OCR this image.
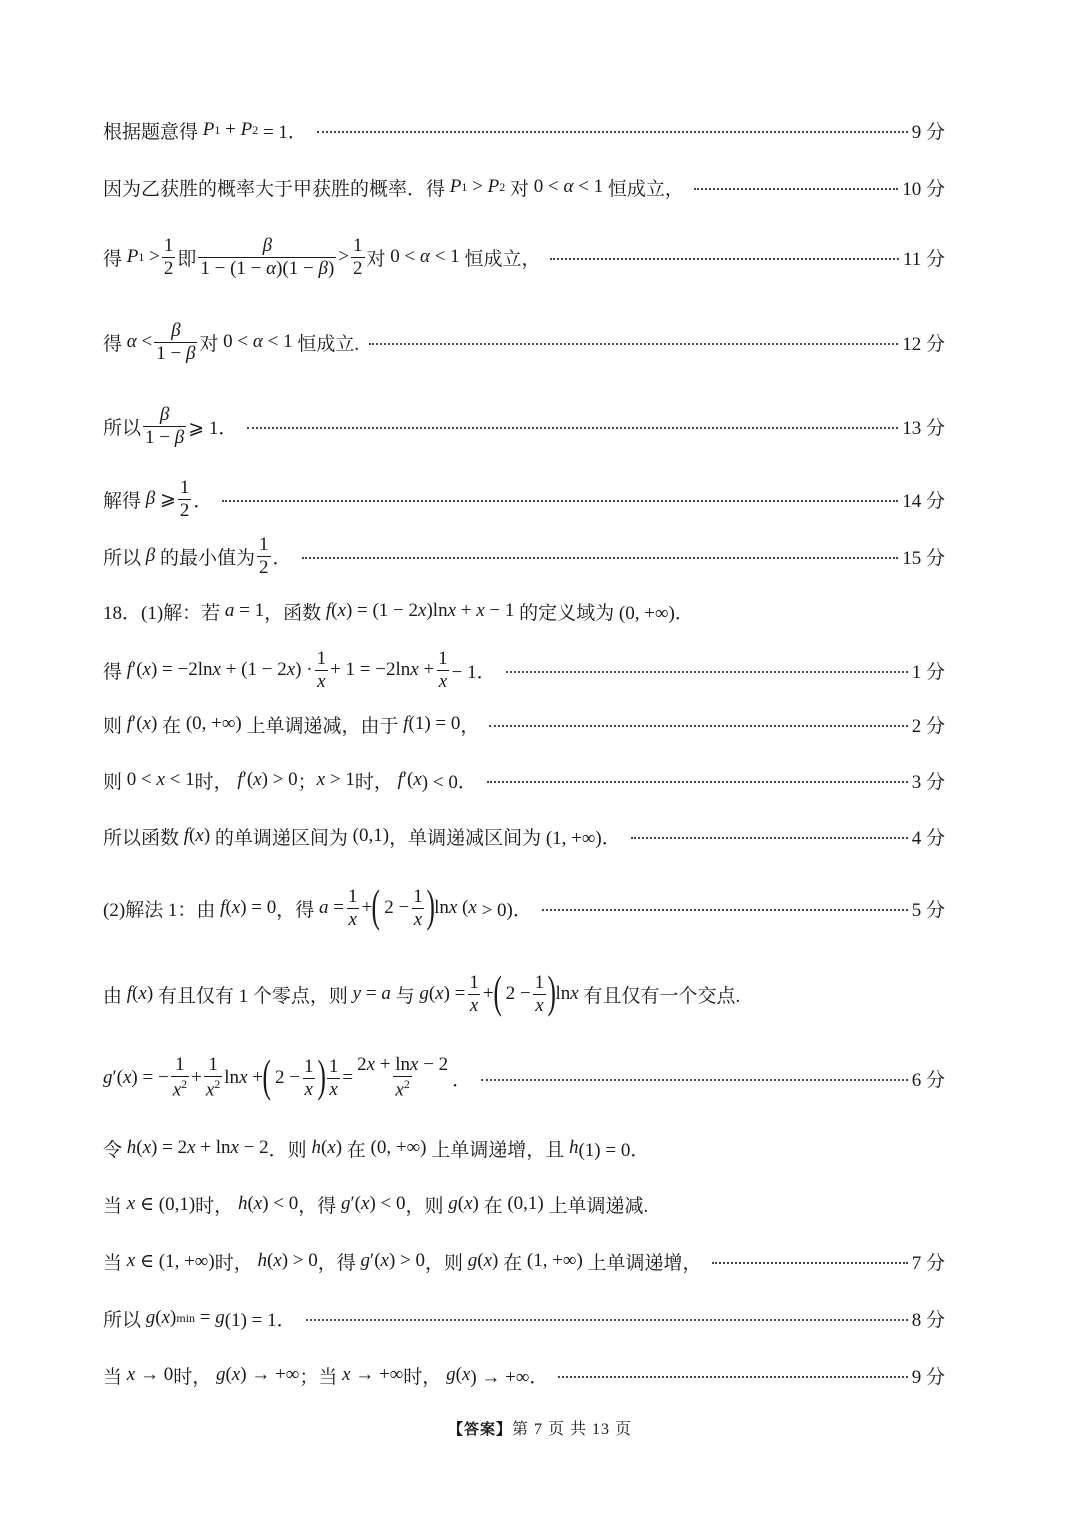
根据题意得 P 1 + P 2 = 1．	9 分
因为乙获胜的概率大于甲获胜的概率．得
P 1 > P 2
对 0 < α < 1 恒成立，	10 分
得
P $1 > \frac{1}{2}$ 即 $\frac{\beta}{1 - (1 - \alpha)(1 - \beta)} > \frac{1}{2}$ 对 0 < α < 1 恒成立，	11 分
得
$\alpha < \frac{\beta}{1 - \beta}$ 对 0 < α < 1 恒成立.	12 分
所以 $\frac{\beta}{1 - \beta}$ ⩾ 1．	13 分
解得
β ⩾ $\frac{1}{2}$ ．	14 分
所以
β
的最小值为 $\frac{1}{2}$ ．	15 分
18．(1)解：若
a = 1 ，函数
f ( x ) = (1 − 2 x )ln x + x − 1 的定义域为 (0, +∞)．
得
f ′( x ) = −2ln x + (1 − 2 x ) · $\frac{1}{x} + 1 = -2\ln$ $x + \frac{1}{x} - 1$．	1 分
则
f ′( x ) 在 (0, +∞) 上单调递减，由于
f (1) = 0 ，	2 分
则 0 < x < 1 时，
f ′( x ) > 0 ； x > 1 时，
f ′( x ) < 0．	3 分
所以函数
f ( x ) 的单调递区间为 (0,1) ，单调递减区间为 (1, +∞)．	4 分
(2)解法 1：由
f ( x ) = 0 ，得
$a = \frac{1}{x}$ + ( $2 - \frac{1}{x}$ ) ln x ( x > 0)．	5 分
由
f ( x ) 有且仅有 1 个零点，则
y = a
与
g ( x ) = $\frac{1}{x}$ + ( $2 - \frac{1}{x}$ ) ln x
有且仅有一个交点.
g ′( x ) = − $\frac{1}{x^2} + \frac{1}{x^2}$ ln x + ( $2 - \frac{1}{x}$ ) $\frac{1}{x} = \frac{2x + \ln x - 2}{x^2}$ ．	6 分
令
h ( x ) = 2 x + ln x − 2 ．则
h ( x ) 在 (0, +∞) 上单调递增，且
h (1) = 0．
当
x ∈ (0,1) 时，
h ( x ) < 0 ，得
g ′( x ) < 0 ，则
g ( x ) 在 (0,1) 上单调递减.
当
x ∈ (1, +∞) 时，
h ( x ) > 0 ，得
g ′( x ) > 0 ，则
g ( x ) 在 (1, +∞) 上单调递增，	7 分
所以
g ( x ) min = g (1) = 1．	8 分
当
x → 0 时，
g ( x ) → +∞ ；当
x → +∞ 时，
g ( x ) → +∞．	9 分
【答案】第 7 页 共 13 页
